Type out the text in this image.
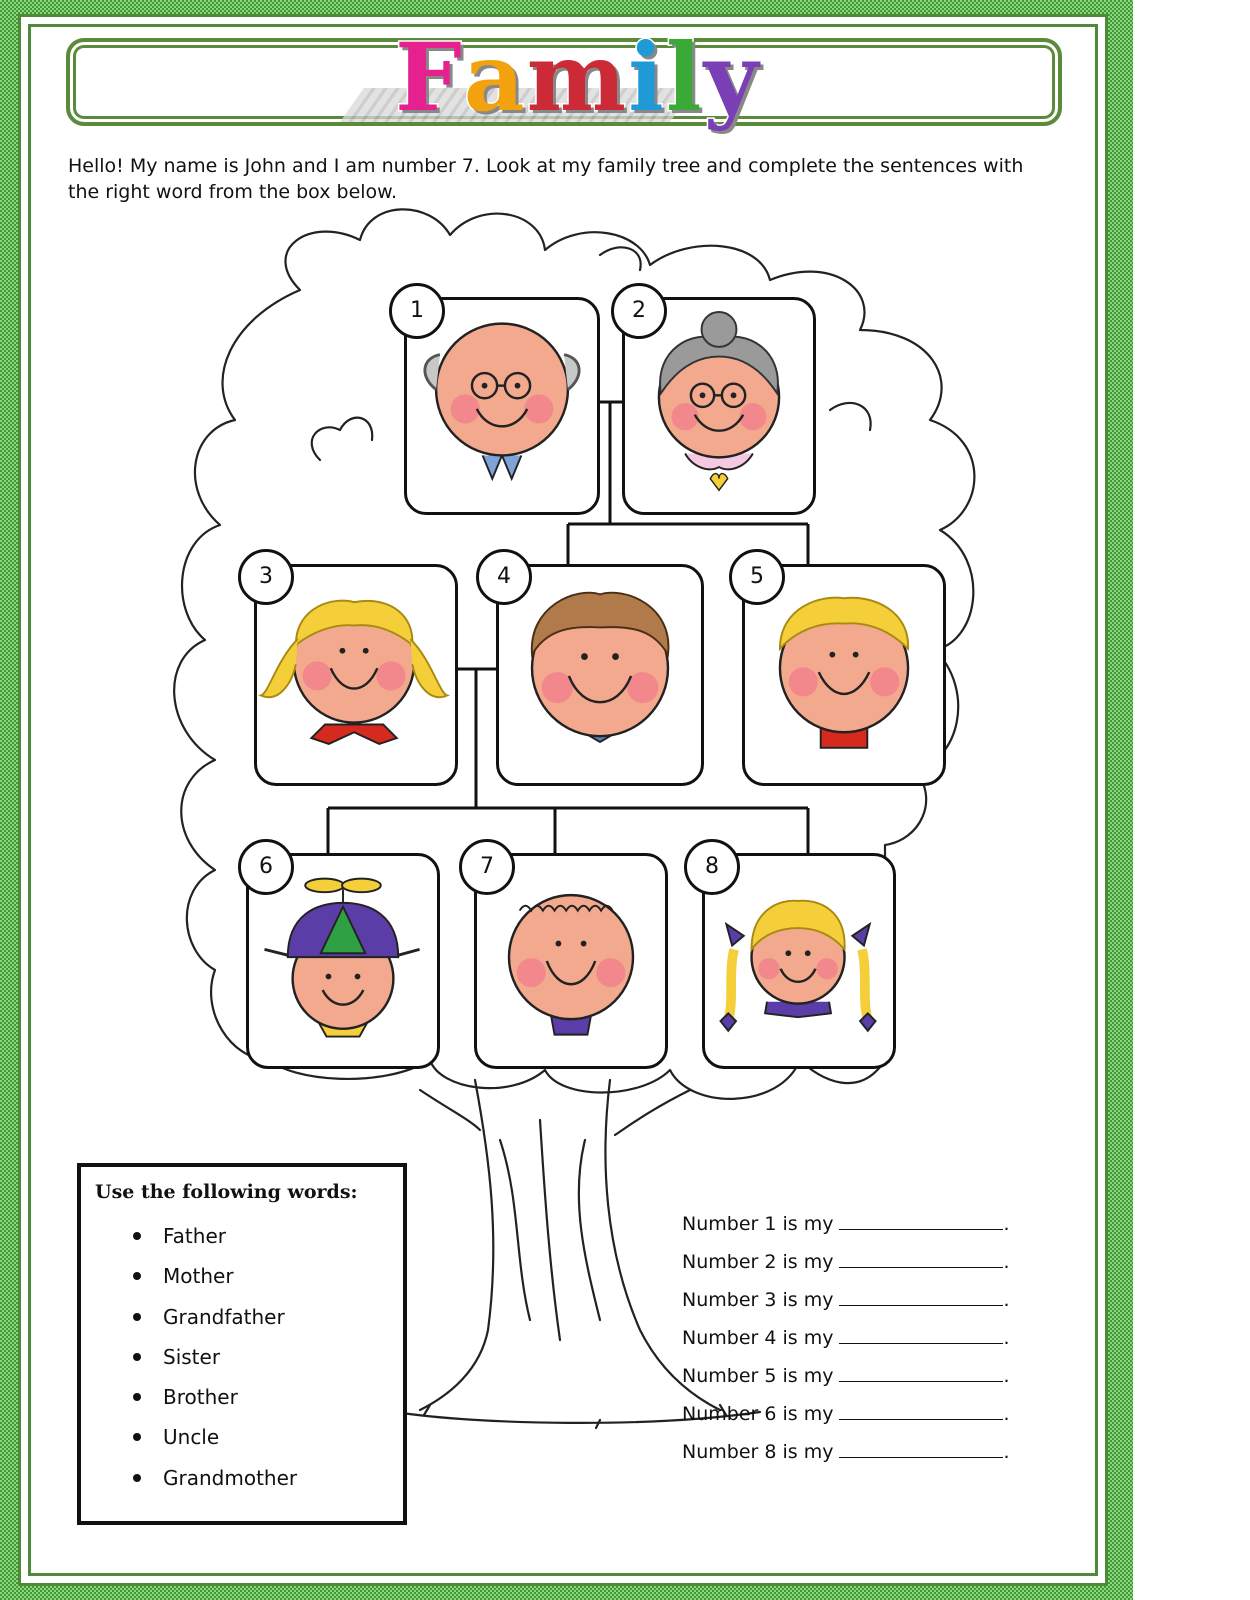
Family

Hello! My name is John and I am number 7. Look at my family tree and complete the sentences with the right word from the box below.

1	2
3	4	5
6	7	8

Use the following words:

Father
Mother
Grandfather
Sister
Brother
Uncle
Grandmother
Number 1 is my	.
Number 2 is my	.
Number 3 is my	.
Number 4 is my	.
Number 5 is my	.
Number 6 is my	.
Number 8 is my	.
